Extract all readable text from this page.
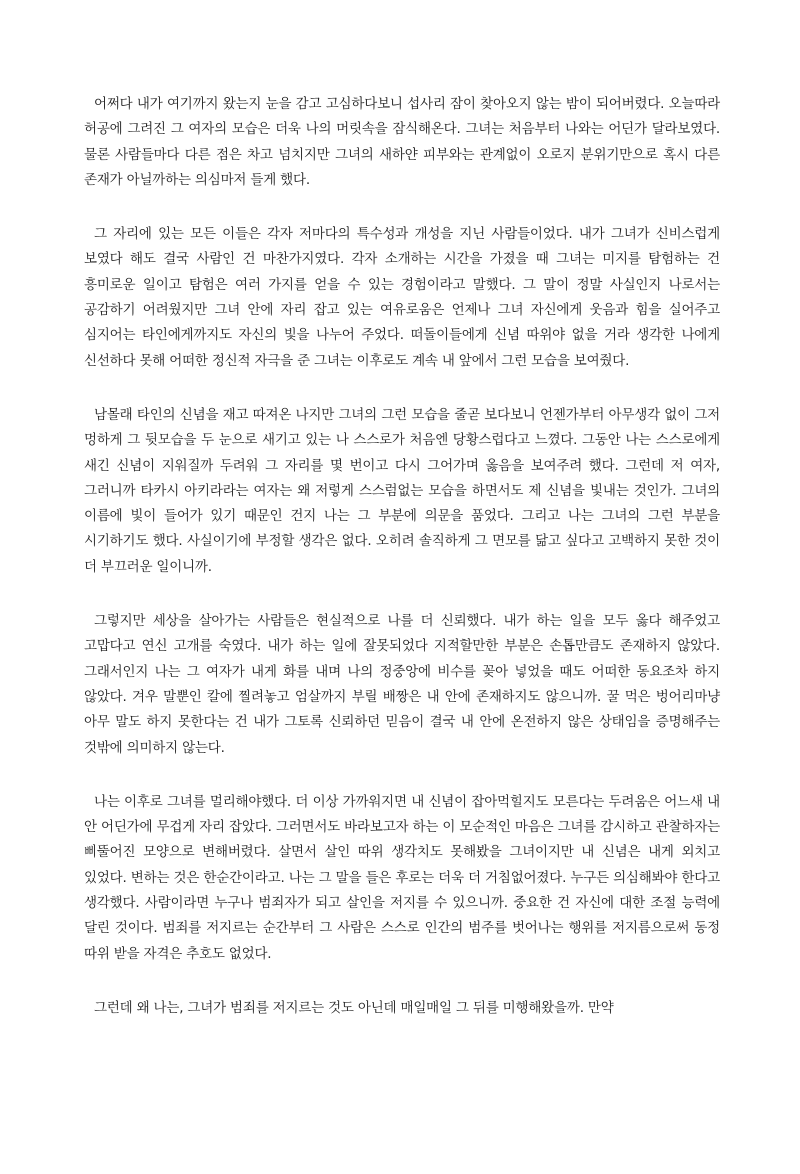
어쩌다 내가 여기까지 왔는지 눈을 감고 고심하다보니 섭사리 잠이 찾아오지 않는 밤이 되어버렸다. 오늘따라 허공에 그려진 그 여자의 모습은 더욱 나의 머릿속을 잠식해온다. 그녀는 처음부터 나와는 어딘가 달라보였다. 물론 사람들마다 다른 점은 차고 넘치지만 그녀의 새하얀 피부와는 관계없이 오로지 분위기만으로 혹시 다른 존재가 아닐까하는 의심마저 들게 했다.

그 자리에 있는 모든 이들은 각자 저마다의 특수성과 개성을 지닌 사람들이었다. 내가 그녀가 신비스럽게 보였다 해도 결국 사람인 건 마찬가지였다. 각자 소개하는 시간을 가졌을 때 그녀는 미지를 탐험하는 건 흥미로운 일이고 탐험은 여러 가지를 얻을 수 있는 경험이라고 말했다. 그 말이 정말 사실인지 나로서는 공감하기 어려웠지만 그녀 안에 자리 잡고 있는 여유로움은 언제나 그녀 자신에게 웃음과 힘을 실어주고 심지어는 타인에게까지도 자신의 빛을 나누어 주었다. 떠돌이들에게 신념 따위야 없을 거라 생각한 나에게 신선하다 못해 어떠한 정신적 자극을 준 그녀는 이후로도 계속 내 앞에서 그런 모습을 보여줬다.

남몰래 타인의 신념을 재고 따져온 나지만 그녀의 그런 모습을 줄곧 보다보니 언젠가부터 아무생각 없이 그저 멍하게 그 뒷모습을 두 눈으로 새기고 있는 나 스스로가 처음엔 당황스럽다고 느꼈다. 그동안 나는 스스로에게 새긴 신념이 지워질까 두려워 그 자리를 몇 번이고 다시 그어가며 옳음을 보여주려 했다. 그런데 저 여자, 그러니까 타카시 아키라라는 여자는 왜 저렇게 스스럼없는 모습을 하면서도 제 신념을 빛내는 것인가. 그녀의 이름에 빛이 들어가 있기 때문인 건지 나는 그 부분에 의문을 품었다. 그리고 나는 그녀의 그런 부분을 시기하기도 했다. 사실이기에 부정할 생각은 없다. 오히려 솔직하게 그 면모를 닮고 싶다고 고백하지 못한 것이 더 부끄러운 일이니까.

그렇지만 세상을 살아가는 사람들은 현실적으로 나를 더 신뢰했다. 내가 하는 일을 모두 옳다 해주었고 고맙다고 연신 고개를 숙였다. 내가 하는 일에 잘못되었다 지적할만한 부분은 손톱만큼도 존재하지 않았다. 그래서인지 나는 그 여자가 내게 화를 내며 나의 정중앙에 비수를 꽂아 넣었을 때도 어떠한 동요조차 하지 않았다. 겨우 말뿐인 칼에 찔려놓고 엄살까지 부릴 배짱은 내 안에 존재하지도 않으니까. 꿀 먹은 벙어리마냥 아무 말도 하지 못한다는 건 내가 그토록 신뢰하던 믿음이 결국 내 안에 온전하지 않은 상태임을 증명해주는 것밖에 의미하지 않는다.

나는 이후로 그녀를 멀리해야했다. 더 이상 가까워지면 내 신념이 잡아먹힐지도 모른다는 두려움은 어느새 내 안 어딘가에 무겁게 자리 잡았다. 그러면서도 바라보고자 하는 이 모순적인 마음은 그녀를 감시하고 관찰하자는 삐뚤어진 모양으로 변해버렸다. 살면서 살인 따위 생각치도 못해봤을 그녀이지만 내 신념은 내게 외치고 있었다. 변하는 것은 한순간이라고. 나는 그 말을 들은 후로는 더욱 더 거침없어졌다. 누구든 의심해봐야 한다고 생각했다. 사람이라면 누구나 범죄자가 되고 살인을 저지를 수 있으니까. 중요한 건 자신에 대한 조절 능력에 달린 것이다. 범죄를 저지르는 순간부터 그 사람은 스스로 인간의 범주를 벗어나는 행위를 저지름으로써 동정 따위 받을 자격은 추호도 없었다.

그런데 왜 나는, 그녀가 범죄를 저지르는 것도 아닌데 매일매일 그 뒤를 미행해왔을까. 만약
